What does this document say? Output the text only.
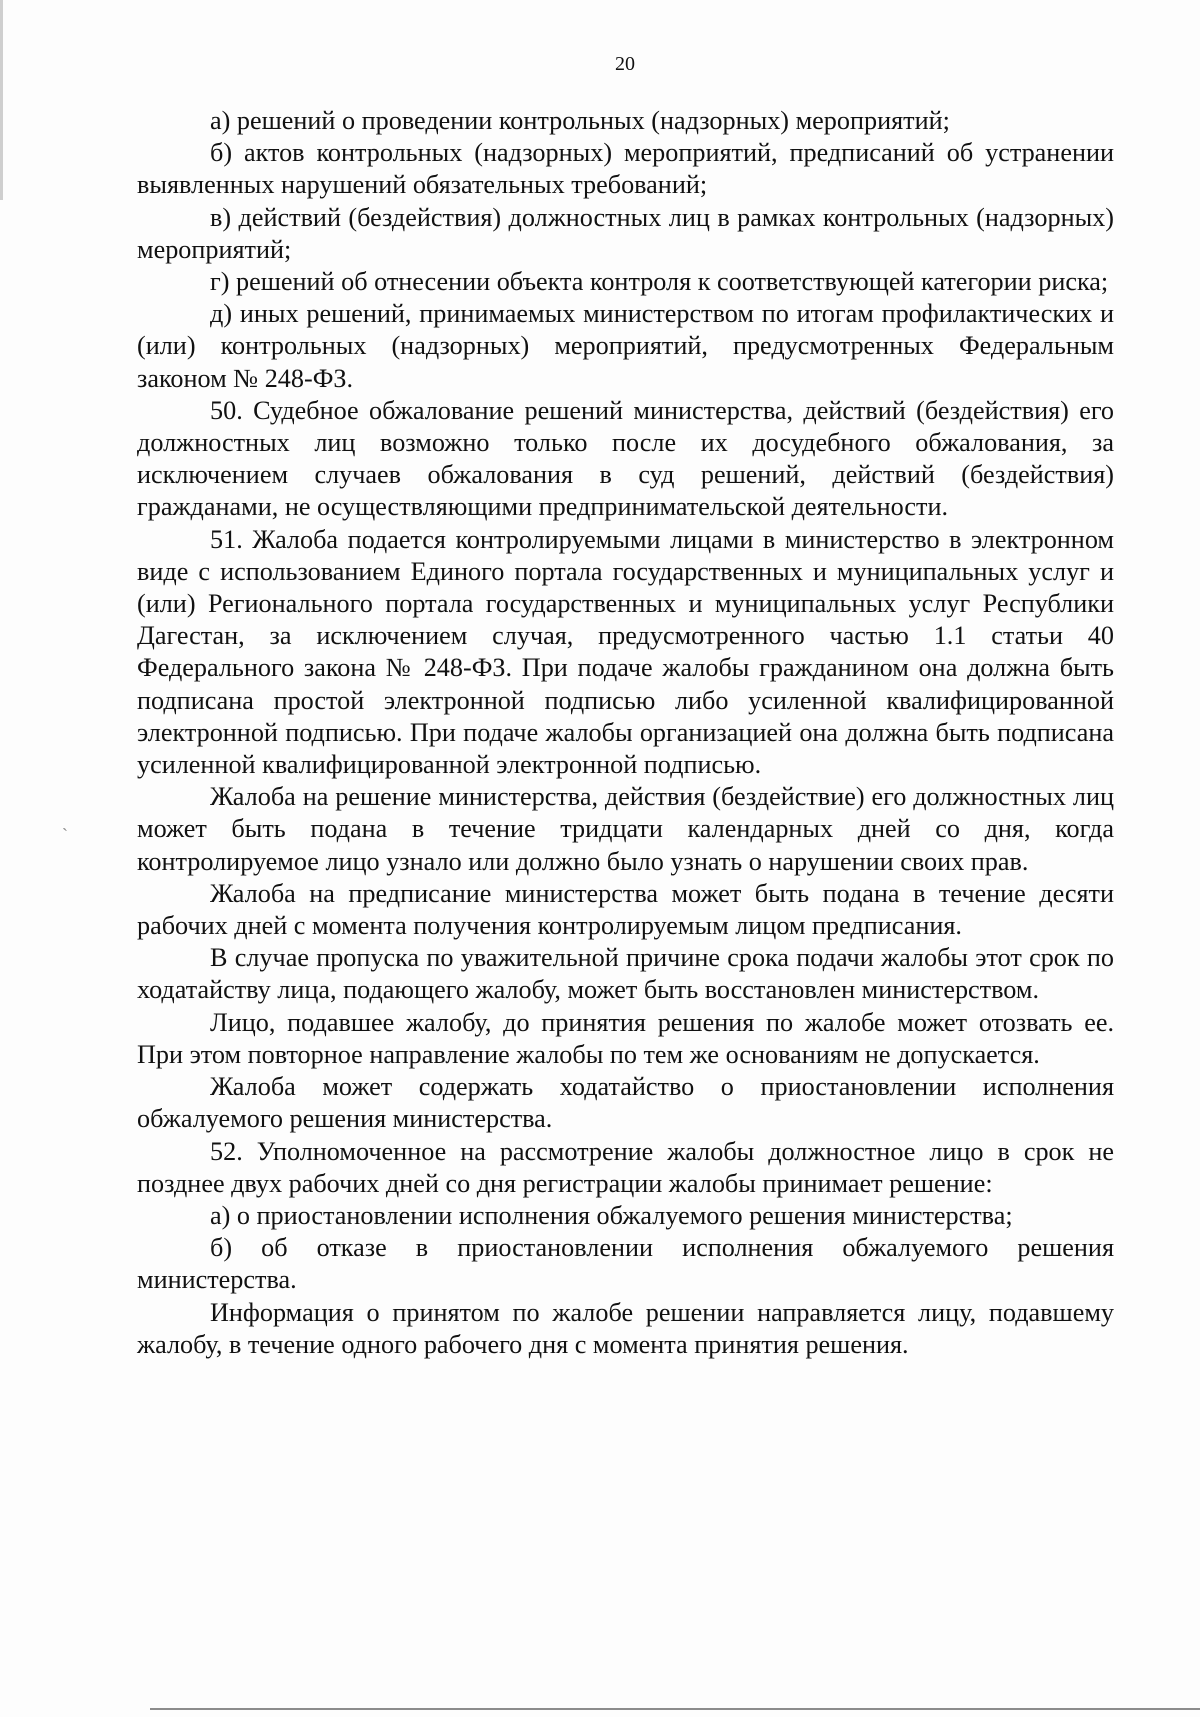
20

а) решений о проведении контрольных (надзорных) мероприятий;

б) актов контрольных (надзорных) мероприятий, предписаний об устранении выявленных нарушений обязательных требований;

в) действий (бездействия) должностных лиц в рамках контрольных (надзорных) мероприятий;

г) решений об отнесении объекта контроля к соответствующей категории риска;

д) иных решений, принимаемых министерством по итогам профилактических и (или) контрольных (надзорных) мероприятий, предусмотренных Федеральным законом № 248-ФЗ.

50. Судебное обжалование решений министерства, действий (бездействия) его должностных лиц возможно только после их досудебного обжалования, за исключением случаев обжалования в суд решений, действий (бездействия) гражданами, не осуществляющими предпринимательской деятельности.

51. Жалоба подается контролируемыми лицами в министерство в электронном виде с использованием Единого портала государственных и муниципальных услуг и (или) Регионального портала государственных и муниципальных услуг Республики Дагестан, за исключением случая, предусмотренного частью 1.1 статьи 40 Федерального закона № 248-ФЗ. При подаче жалобы гражданином она должна быть подписана простой электронной подписью либо усиленной квалифицированной электронной подписью. При подаче жалобы организацией она должна быть подписана усиленной квалифицированной электронной подписью.

Жалоба на решение министерства, действия (бездействие) его должностных лиц может быть подана в течение тридцати календарных дней со дня, когда контролируемое лицо узнало или должно было узнать о нарушении своих прав.

Жалоба на предписание министерства может быть подана в течение десяти рабочих дней с момента получения контролируемым лицом предписания.

В случае пропуска по уважительной причине срока подачи жалобы этот срок по ходатайству лица, подающего жалобу, может быть восстановлен министерством.

Лицо, подавшее жалобу, до принятия решения по жалобе может отозвать ее. При этом повторное направление жалобы по тем же основаниям не допускается.

Жалоба может содержать ходатайство о приостановлении исполнения обжалуемого решения министерства.

52. Уполномоченное на рассмотрение жалобы должностное лицо в срок не позднее двух рабочих дней со дня регистрации жалобы принимает решение:

а) о приостановлении исполнения обжалуемого решения министерства;

б) об отказе в приостановлении исполнения обжалуемого решения министерства.

Информация о принятом по жалобе решении направляется лицу, подавшему жалобу, в течение одного рабочего дня с момента принятия решения.

`
